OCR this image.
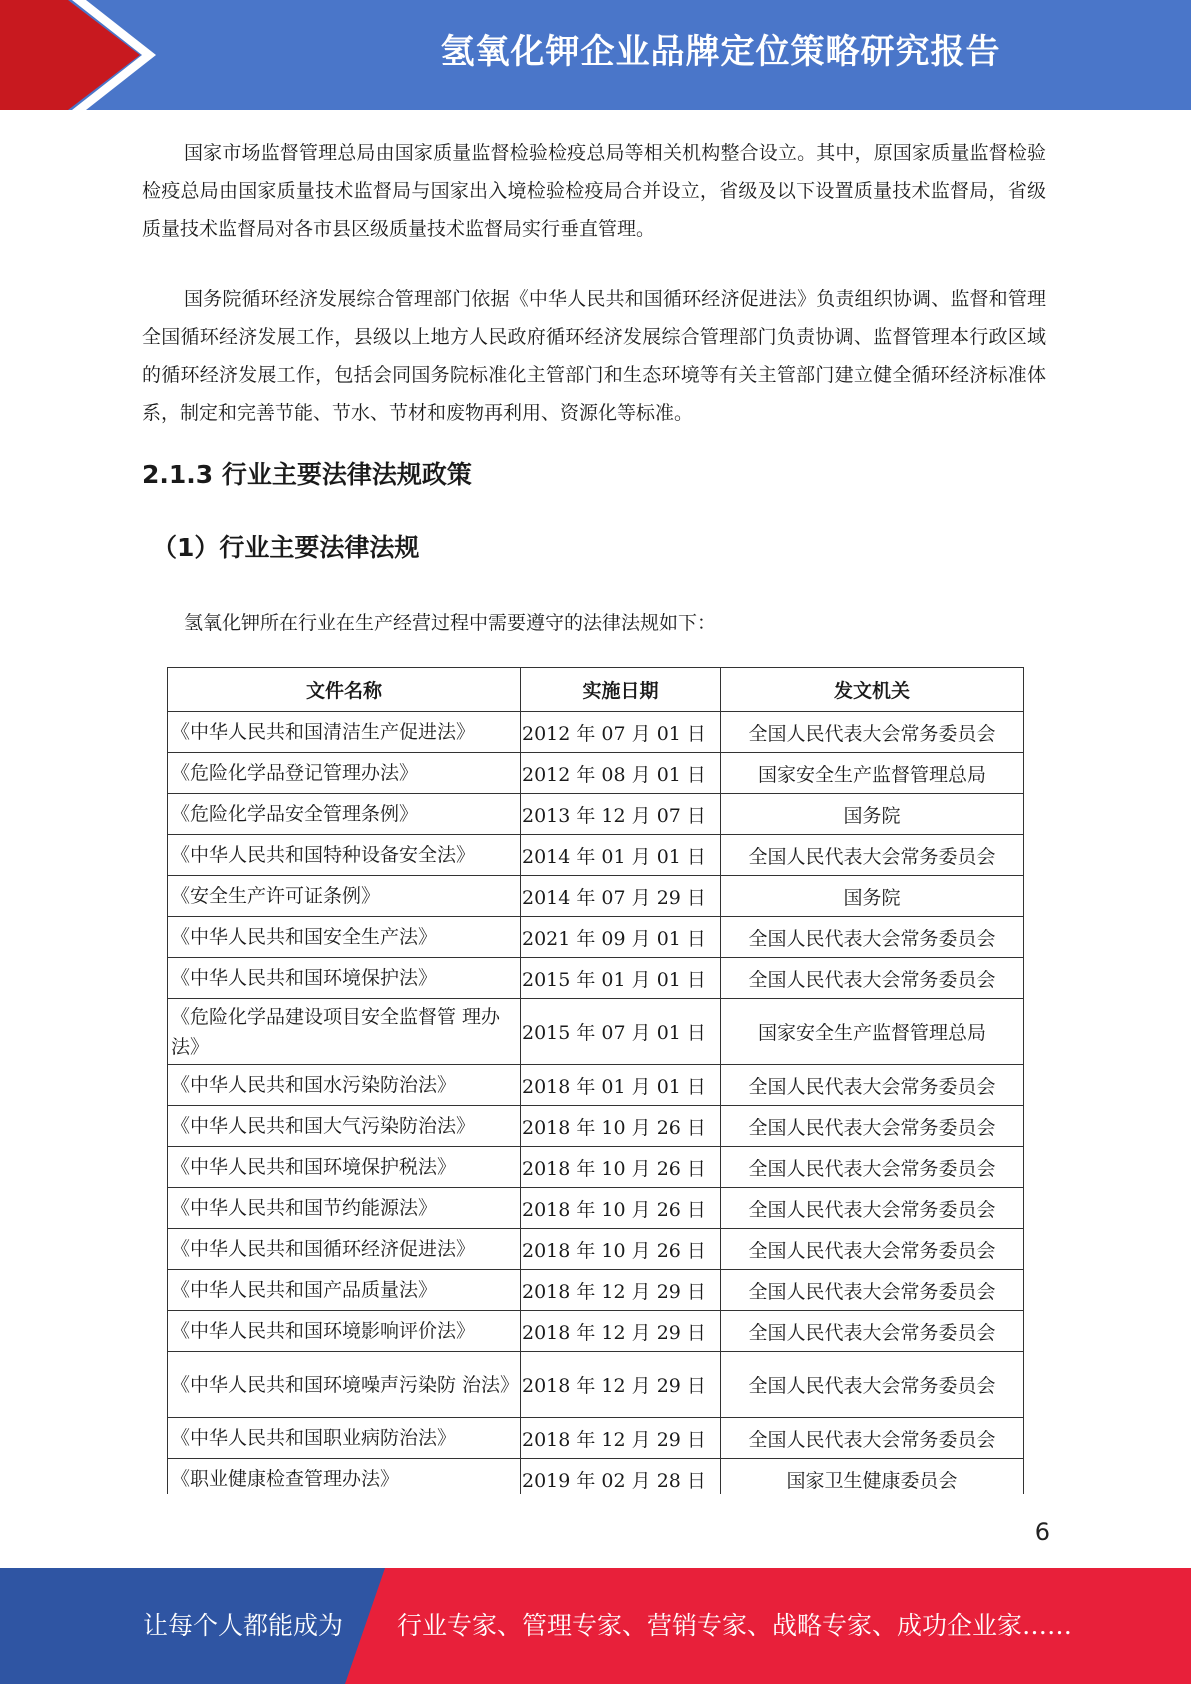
氢氧化钾企业品牌定位策略研究报告

国家市场监督管理总局由国家质量监督检验检疫总局等相关机构整合设立。其中，原国家质量监督检验检疫总局由国家质量技术监督局与国家出入境检验检疫局合并设立，省级及以下设置质量技术监督局，省级质量技术监督局对各市县区级质量技术监督局实行垂直管理。

国务院循环经济发展综合管理部门依据《中华人民共和国循环经济促进法》负责组织协调、监督和管理全国循环经济发展工作，县级以上地方人民政府循环经济发展综合管理部门负责协调、监督管理本行政区域的循环经济发展工作，包括会同国务院标准化主管部门和生态环境等有关主管部门建立健全循环经济标准体系，制定和完善节能、节水、节材和废物再利用、资源化等标准。

2.1.3 行业主要法律法规政策
（1）行业主要法律法规
氢氧化钾所在行业在生产经营过程中需要遵守的法律法规如下：
文件名称	实施日期	发文机关
《中华人民共和国清洁生产促进法》	2012 年 07 月 01 日	全国人民代表大会常务委员会
《危险化学品登记管理办法》	2012 年 08 月 01 日	国家安全生产监督管理总局
《危险化学品安全管理条例》	2013 年 12 月 07 日	国务院
《中华人民共和国特种设备安全法》	2014 年 01 月 01 日	全国人民代表大会常务委员会
《安全生产许可证条例》	2014 年 07 月 29 日	国务院
《中华人民共和国安全生产法》	2021 年 09 月 01 日	全国人民代表大会常务委员会
《中华人民共和国环境保护法》	2015 年 01 月 01 日	全国人民代表大会常务委员会
《危险化学品建设项目安全监督管 理办法》	2015 年 07 月 01 日	国家安全生产监督管理总局
《中华人民共和国水污染防治法》	2018 年 01 月 01 日	全国人民代表大会常务委员会
《中华人民共和国大气污染防治法》	2018 年 10 月 26 日	全国人民代表大会常务委员会
《中华人民共和国环境保护税法》	2018 年 10 月 26 日	全国人民代表大会常务委员会
《中华人民共和国节约能源法》	2018 年 10 月 26 日	全国人民代表大会常务委员会
《中华人民共和国循环经济促进法》	2018 年 10 月 26 日	全国人民代表大会常务委员会
《中华人民共和国产品质量法》	2018 年 12 月 29 日	全国人民代表大会常务委员会
《中华人民共和国环境影响评价法》	2018 年 12 月 29 日	全国人民代表大会常务委员会
《中华人民共和国环境噪声污染防 治法》	2018 年 12 月 29 日	全国人民代表大会常务委员会
《中华人民共和国职业病防治法》	2018 年 12 月 29 日	全国人民代表大会常务委员会
《职业健康检查管理办法》	2019 年 02 月 28 日	国家卫生健康委员会
6
让每个人都能成为 行业专家、管理专家、营销专家、战略专家、成功企业家……
